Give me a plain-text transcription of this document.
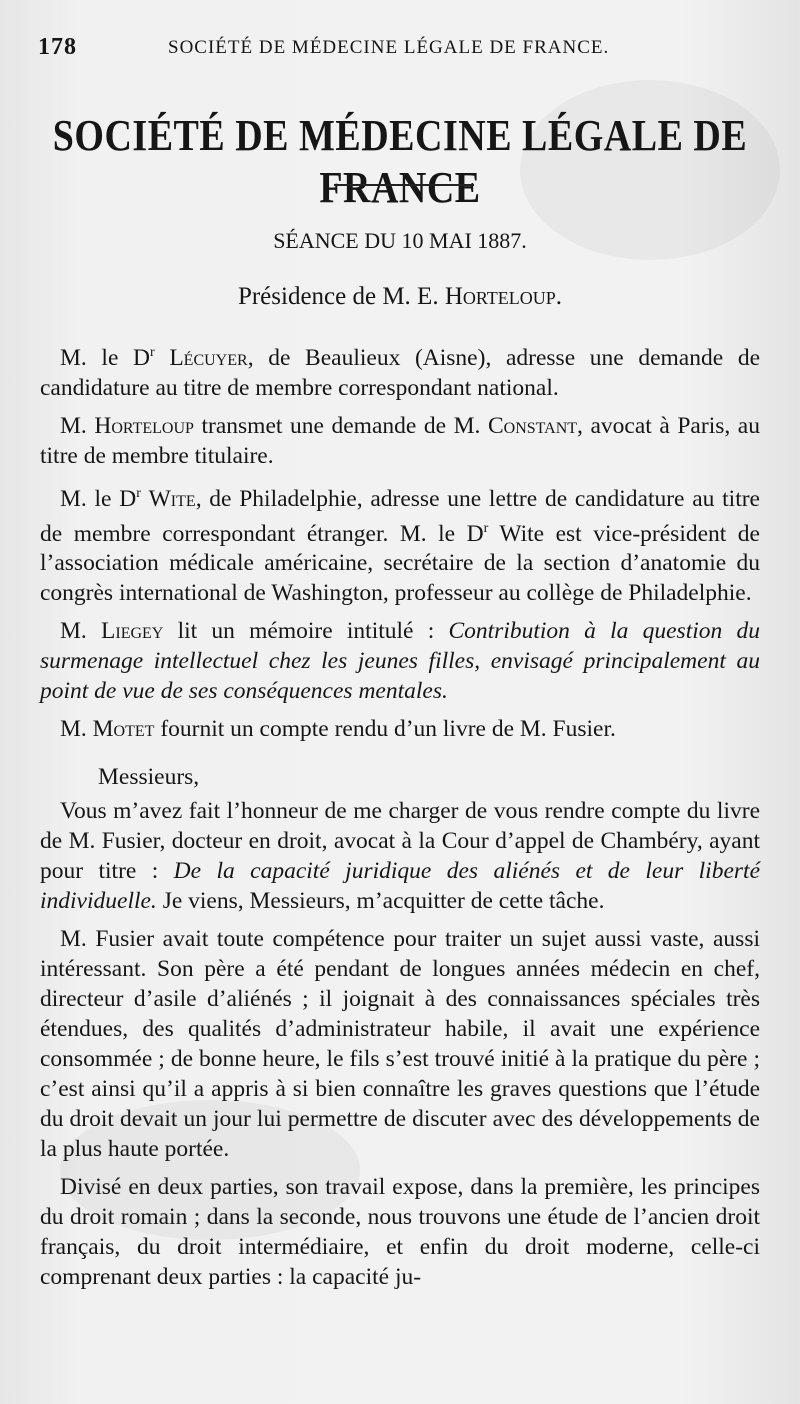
178	SOCIÉTÉ DE MÉDECINE LÉGALE DE FRANCE.
SOCIÉTÉ DE MÉDECINE LÉGALE DE FRANCE
SÉANCE DU 10 MAI 1887.
Présidence de M. E. Horteloup.

M. le $D^r$ Lécuyer, de Beaulieux (Aisne), adresse une demande de candidature au titre de membre correspondant national.

M. Horteloup transmet une demande de M. Constant, avocat à Paris, au titre de membre titulaire.

M. le $D^r$ Wite, de Philadelphie, adresse une lettre de candidature au titre de membre correspondant étranger. M. le $D^r$ Wite est vice-président de l’association médicale américaine, secrétaire de la section d’anatomie du congrès international de Washington, professeur au collège de Philadelphie.

M. Liegey lit un mémoire intitulé : Contribution à la question du surmenage intellectuel chez les jeunes filles, envisagé principalement au point de vue de ses conséquences mentales.

M. Motet fournit un compte rendu d’un livre de M. Fusier.

Messieurs,

Vous m’avez fait l’honneur de me charger de vous rendre compte du livre de M. Fusier, docteur en droit, avocat à la Cour d’appel de Chambéry, ayant pour titre : De la capacité juridique des aliénés et de leur liberté individuelle. Je viens, Messieurs, m’acquitter de cette tâche.

M. Fusier avait toute compétence pour traiter un sujet aussi vaste, aussi intéressant. Son père a été pendant de longues années médecin en chef, directeur d’asile d’aliénés ; il joignait à des connaissances spéciales très étendues, des qualités d’administrateur habile, il avait une expérience consommée ; de bonne heure, le fils s’est trouvé initié à la pratique du père ; c’est ainsi qu’il a appris à si bien connaître les graves questions que l’étude du droit devait un jour lui permettre de discuter avec des développements de la plus haute portée.

Divisé en deux parties, son travail expose, dans la première, les principes du droit romain ; dans la seconde, nous trouvons une étude de l’ancien droit français, du droit intermédiaire, et enfin du droit moderne, celle-ci comprenant deux parties : la capacité ju-
